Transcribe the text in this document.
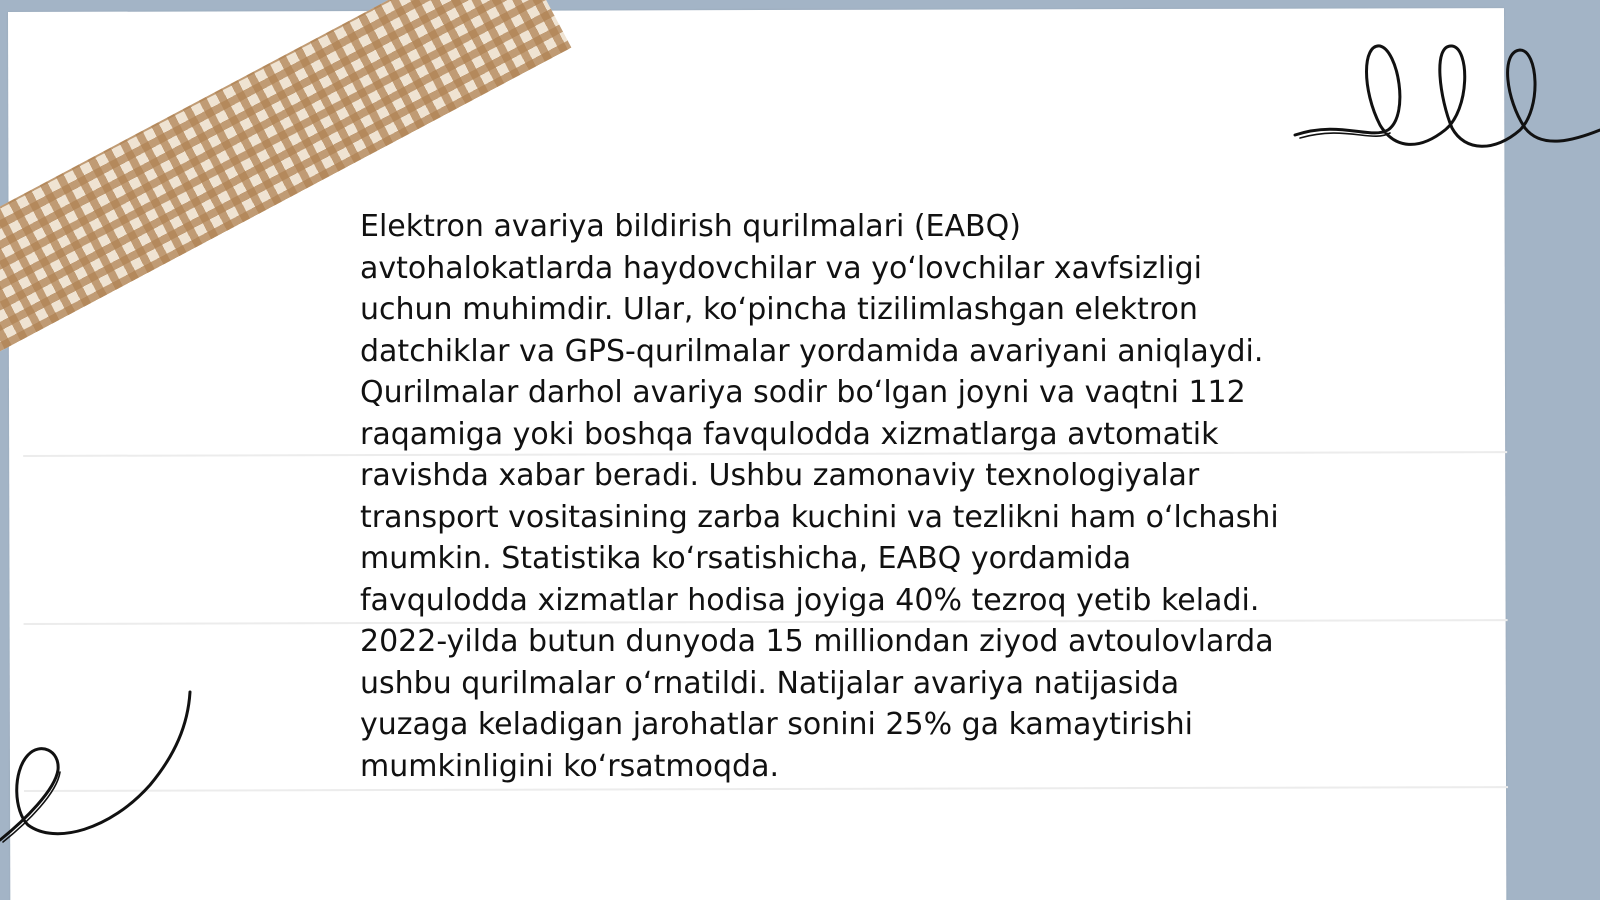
Elektron avariya bildirish qurilmalari (EABQ) avtohalokatlarda haydovchilar va yo‘lovchilar xavfsizligi uchun muhimdir. Ular, ko‘pincha tizilimlashgan elektron datchiklar va GPS-qurilmalar yordamida avariyani aniqlaydi. Qurilmalar darhol avariya sodir bo‘lgan joyni va vaqtni 112 raqamiga yoki boshqa favqulodda xizmatlarga avtomatik ravishda xabar beradi. Ushbu zamonaviy texnologiyalar transport vositasining zarba kuchini va tezlikni ham o‘lchashi mumkin. Statistika ko‘rsatishicha, EABQ yordamida favqulodda xizmatlar hodisa joyiga 40% tezroq yetib keladi. 2022-yilda butun dunyoda 15 milliondan ziyod avtoulovlarda ushbu qurilmalar o‘rnatildi. Natijalar avariya natijasida yuzaga keladigan jarohatlar sonini 25% ga kamaytirishi mumkinligini ko‘rsatmoqda.
